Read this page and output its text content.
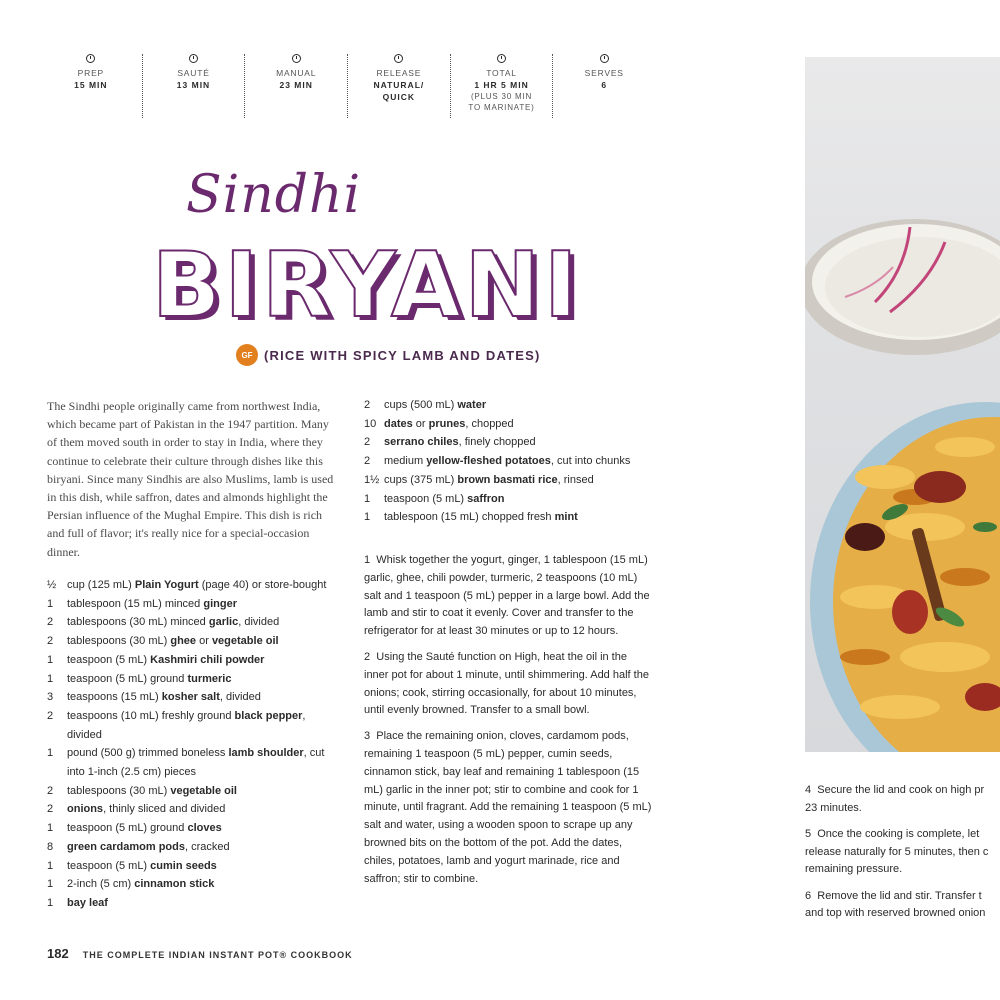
PREP
15 MIN
SAUTÉ
13 MIN
MANUAL
23 MIN
RELEASE
NATURAL/
QUICK
TOTAL
1 HR 5 MIN
(PLUS 30 MIN
TO MARINATE)
SERVES
6
Sindhi
BIRYANI
GF (RICE WITH SPICY LAMB AND DATES)
The Sindhi people originally came from northwest India, which became part of Pakistan in the 1947 partition. Many of them moved south in order to stay in India, where they continue to celebrate their culture through dishes like this biryani. Since many Sindhis are also Muslims, lamb is used in this dish, while saffron, dates and almonds highlight the Persian influence of the Mughal Empire. This dish is rich and full of flavor; it's really nice for a special-occasion dinner.
½ cup (125 mL) Plain Yogurt (page 40) or store-bought
1	tablespoon (15 mL) minced ginger
2	tablespoons (30 mL) minced garlic, divided
2	tablespoons (30 mL) ghee or vegetable oil
1	teaspoon (5 mL) Kashmiri chili powder
1	teaspoon (5 mL) ground turmeric
3	teaspoons (15 mL) kosher salt, divided
2	teaspoons (10 mL) freshly ground black pepper, divided
1	pound (500 g) trimmed boneless lamb shoulder, cut into 1-inch (2.5 cm) pieces
2	tablespoons (30 mL) vegetable oil
2	onions, thinly sliced and divided
1	teaspoon (5 mL) ground cloves
8	green cardamom pods, cracked
1	teaspoon (5 mL) cumin seeds
1	2-inch (5 cm) cinnamon stick
1	bay leaf
2	cups (500 mL) water
10 dates or prunes, chopped
2	serrano chiles, finely chopped
2	medium yellow-fleshed potatoes, cut into chunks
1½ cups (375 mL) brown basmati rice, rinsed
1	teaspoon (5 mL) saffron
1	tablespoon (15 mL) chopped fresh mint
1 Whisk together the yogurt, ginger, 1 tablespoon (15 mL) garlic, ghee, chili powder, turmeric, 2 teaspoons (10 mL) salt and 1 teaspoon (5 mL) pepper in a large bowl. Add the lamb and stir to coat it evenly. Cover and transfer to the refrigerator for at least 30 minutes or up to 12 hours.
2 Using the Sauté function on High, heat the oil in the inner pot for about 1 minute, until shimmering. Add half the onions; cook, stirring occasionally, for about 10 minutes, until evenly browned. Transfer to a small bowl.
3 Place the remaining onion, cloves, cardamom pods, remaining 1 teaspoon (5 mL) pepper, cumin seeds, cinnamon stick, bay leaf and remaining 1 tablespoon (15 mL) garlic in the inner pot; stir to combine and cook for 1 minute, until fragrant. Add the remaining 1 teaspoon (5 mL) salt and water, using a wooden spoon to scrape up any browned bits on the bottom of the pot. Add the dates, chiles, potatoes, lamb and yogurt marinade, rice and saffron; stir to combine.
4 Secure the lid and cook on high pr
23 minutes.
5 Once the cooking is complete, let
release naturally for 5 minutes, then c
remaining pressure.
6 Remove the lid and stir. Transfer t
and top with reserved browned onion
182 THE COMPLETE INDIAN INSTANT POT® COOKBOOK
